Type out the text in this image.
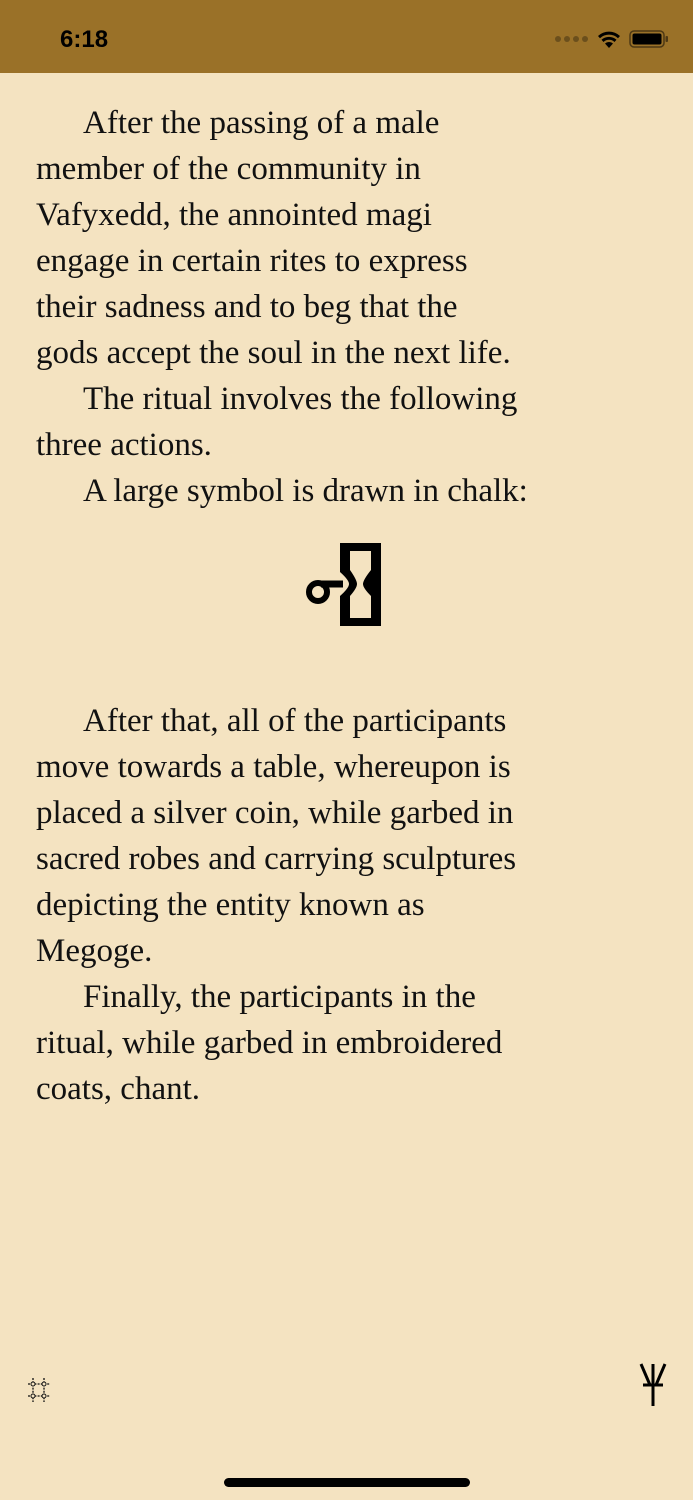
6:18

After the passing of a male
member of the community in
Vafyxedd, the annointed magi
engage in certain rites to express
their sadness and to beg that the
gods accept the soul in the next life.

The ritual involves the following
three actions.

A large symbol is drawn in chalk:

After that, all of the participants
move towards a table, whereupon is
placed a silver coin, while garbed in
sacred robes and carrying sculptures
depicting the entity known as
Megoge.

Finally, the participants in the
ritual, while garbed in embroidered
coats, chant.
